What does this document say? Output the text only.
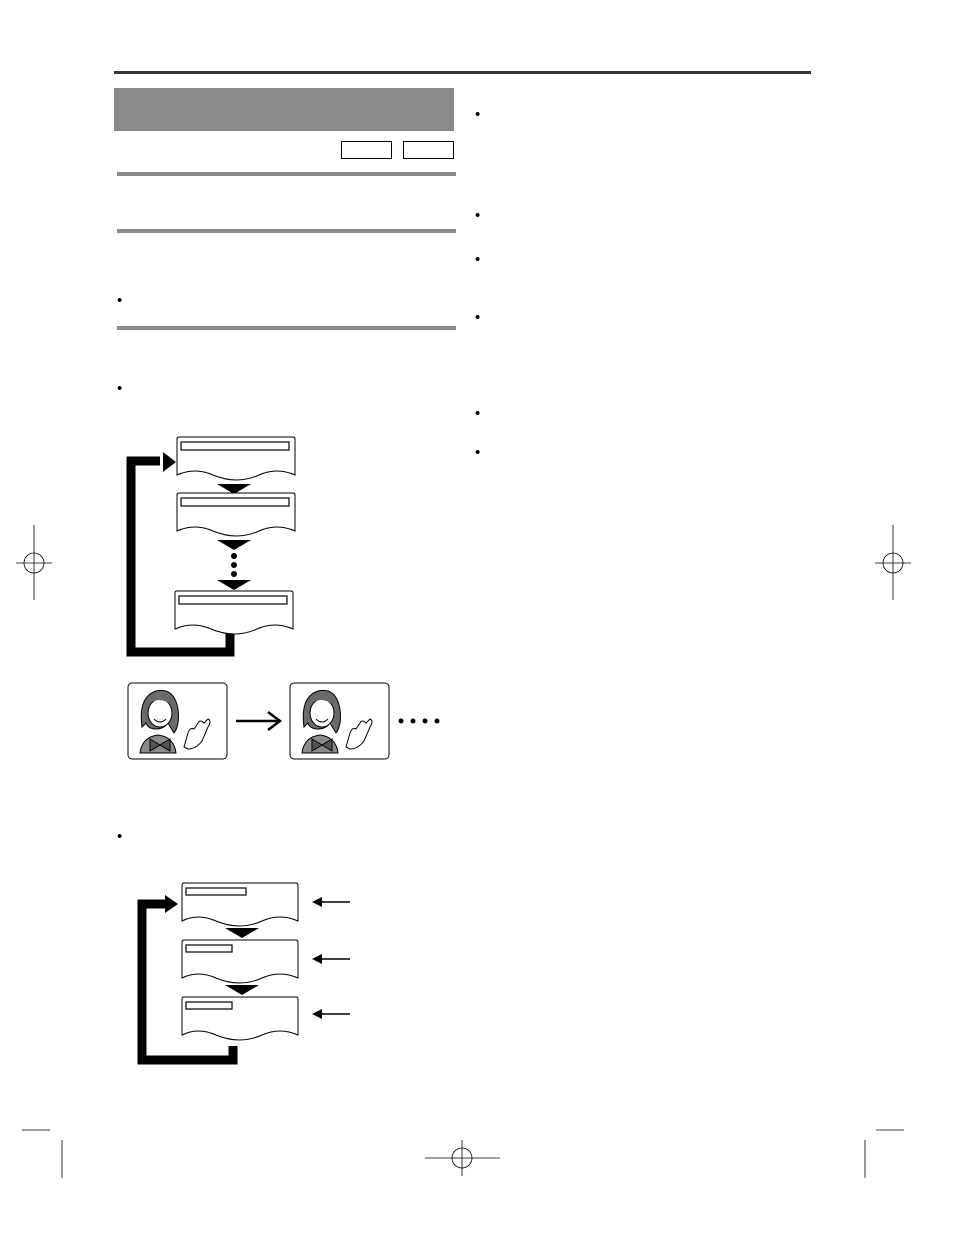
•
•
•
•
•
•
•
•
•
